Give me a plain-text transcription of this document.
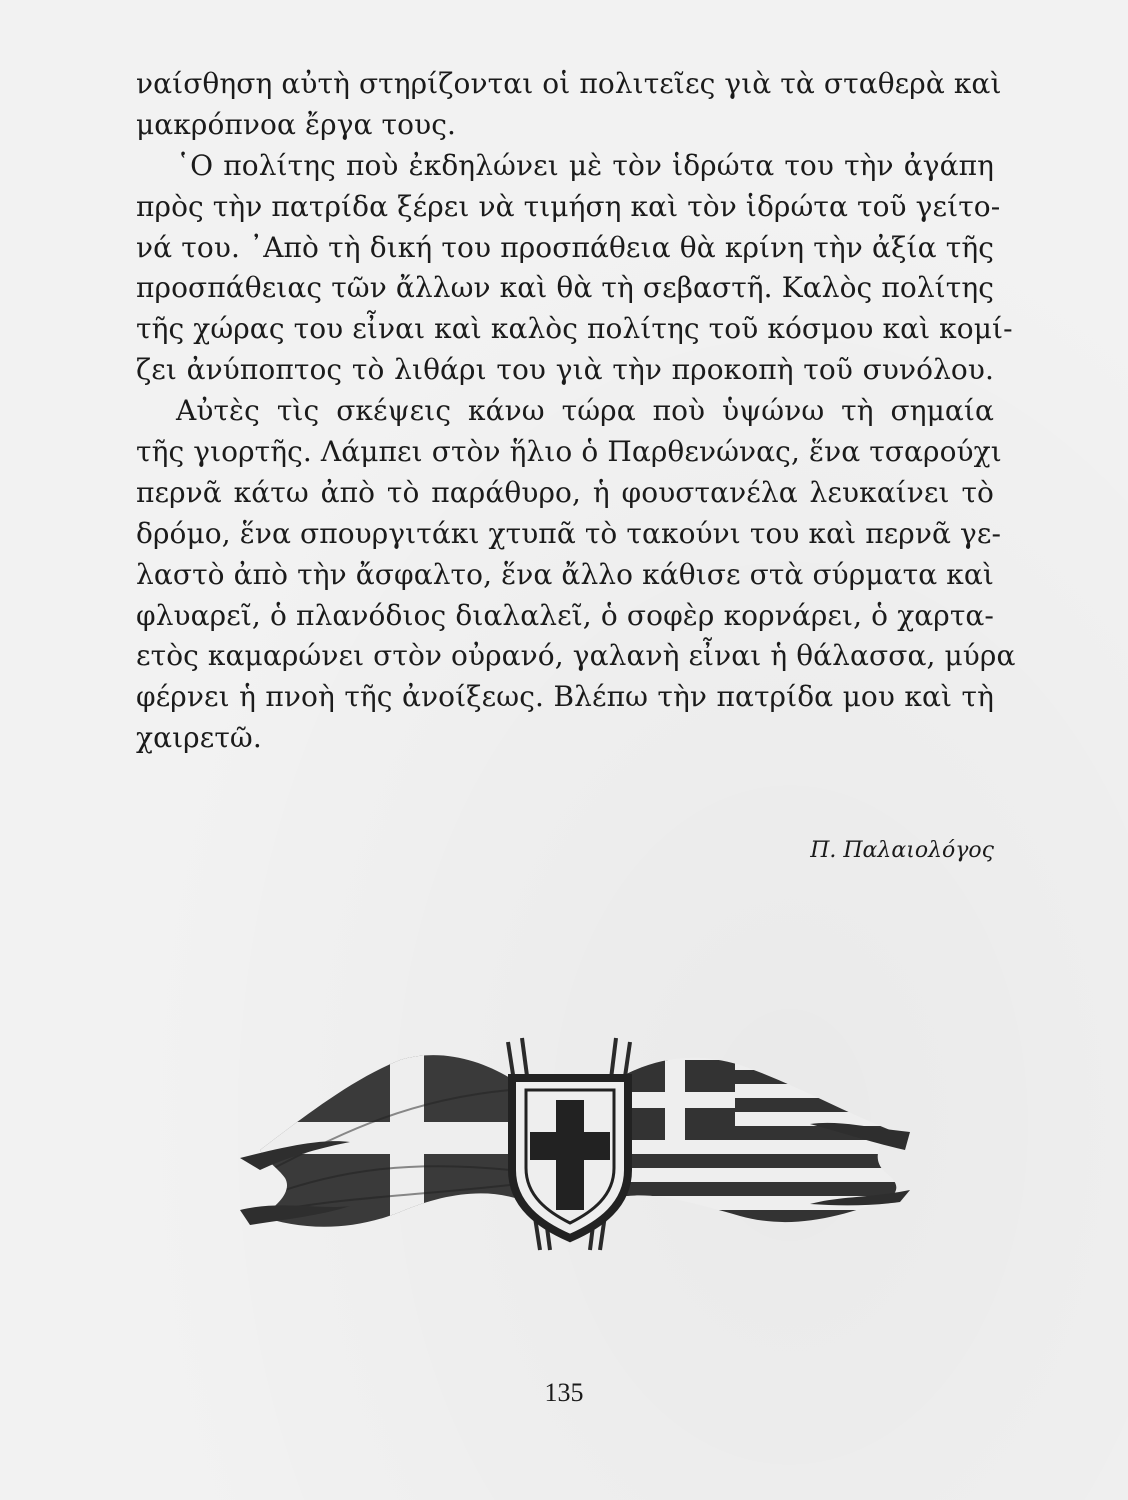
ναίσθηση αὐτὴ στηρίζονται οἱ πολιτεῖες γιὰ τὰ σταθερὰ καὶ
μακρόπνοα ἔργα τους.
῾Ο πολίτης ποὺ ἐκδηλώνει μὲ τὸν ἱδρώτα του τὴν ἀγάπη
πρὸς τὴν πατρίδα ξέρει νὰ τιμήση καὶ τὸν ἱδρώτα τοῦ γείτο-
νά του. ᾽Απὸ τὴ δική του προσπάθεια θὰ κρίνη τὴν ἀξία τῆς
προσπάθειας τῶν ἄλλων καὶ θὰ τὴ σεβαστῆ. Καλὸς πολίτης
τῆς χώρας του εἶναι καὶ καλὸς πολίτης τοῦ κόσμου καὶ κομί-
ζει ἀνύποπτος τὸ λιθάρι του γιὰ τὴν προκοπὴ τοῦ συνόλου.
Αὐτὲς τὶς σκέψεις κάνω τώρα ποὺ ὑψώνω τὴ σημαία
τῆς γιορτῆς. Λάμπει στὸν ἥλιο ὁ Παρθενώνας, ἕνα τσαρούχι
περνᾶ κάτω ἀπὸ τὸ παράθυρο, ἡ φουστανέλα λευκαίνει τὸ
δρόμο, ἕνα σπουργιτάκι χτυπᾶ τὸ τακούνι του καὶ περνᾶ γε-
λαστὸ ἀπὸ τὴν ἄσφαλτο, ἕνα ἄλλο κάθισε στὰ σύρματα καὶ
φλυαρεῖ, ὁ πλανόδιος διαλαλεῖ, ὁ σοφὲρ κορνάρει, ὁ χαρτα-
ετὸς καμαρώνει στὸν οὐρανό, γαλανὴ εἶναι ἡ θάλασσα, μύρα
φέρνει ἡ πνοὴ τῆς ἀνοίξεως. Βλέπω τὴν πατρίδα μου καὶ τὴ
χαιρετῶ.
Π. Παλαιολόγος
135
